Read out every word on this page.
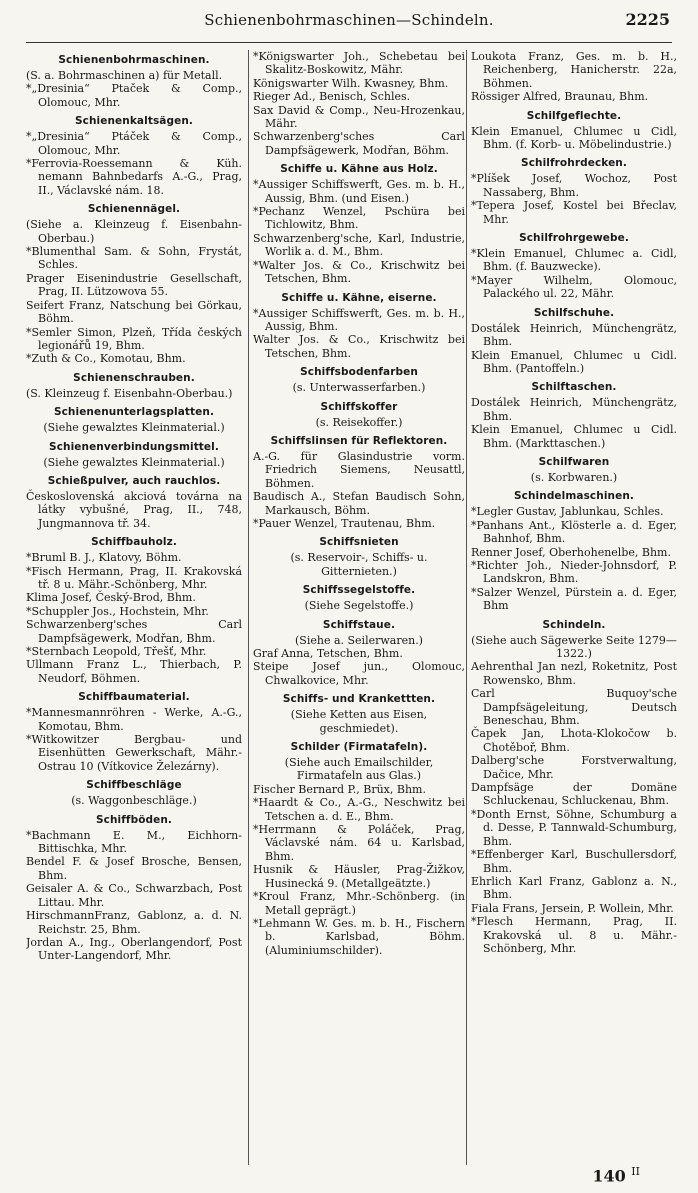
Schienenbohrmaschinen—Schindeln.	2225
Schienenbohrmaschinen.
(S. a. Bohrmaschinen a) für Metall.
*„Dresinia“ Ptaček & Comp., Olomouc, Mhr.
Schienenkaltsägen.
*„Dresinia“ Ptáček & Comp., Olomouc, Mhr.
*Ferrovia-Roessemann & Küh. nemann Bahnbedarfs A.-G., Prag, II., Václavské nám. 18.
Schienennägel.
(Siehe a. Kleinzeug f. Eisenbahn-Oberbau.)
*Blumenthal Sam. & Sohn, Frystát, Schles.
Prager Eisenindustrie Gesellschaft, Prag, II. Lützowova 55.
Seifert Franz, Natschung bei Görkau, Böhm.
*Semler Simon, Plzeň, Třída českých legionářů 19, Bhm.
*Zuth & Co., Komotau, Bhm.
Schienenschrauben.
(S. Kleinzeug f. Eisenbahn-Oberbau.)
Schienenunterlagsplatten.
(Siehe gewalztes Kleinmaterial.)
Schienenverbindungsmittel.
(Siehe gewalztes Kleinmaterial.)
Schießpulver, auch rauchlos.
Československá akciová továrna na látky vybušné, Prag, II., 748, Jungmannova tř. 34.
Schiffbauholz.
*Bruml B. J., Klatovy, Böhm.
*Fisch Hermann, Prag, II. Krakovská tř. 8 u. Mähr.-Schönberg, Mhr.
Klima Josef, Český-Brod, Bhm.
*Schuppler Jos., Hochstein, Mhr.
Schwarzenberg'sches Carl Dampfsägewerk, Modřan, Bhm.
*Sternbach Leopold, Třešť, Mhr.
Ullmann Franz L., Thierbach, P. Neudorf, Böhmen.
Schiffbaumaterial.
*Mannesmannröhren - Werke, A.-G., Komotau, Bhm.
*Witkowitzer Bergbau- und Eisenhütten Gewerkschaft, Mähr.-Ostrau 10 (Vítkovice Železárny).
Schiffbeschläge
(s. Waggonbeschläge.)
Schiffböden.
*Bachmann E. M., Eichhorn-Bittischka, Mhr.
Bendel F. & Josef Brosche, Bensen, Bhm.
Geisaler A. & Co., Schwarzbach, Post Littau. Mhr.
HirschmannFranz, Gablonz, a. d. N. Reichstr. 25, Bhm.
Jordan A., Ing., Oberlangendorf, Post Unter-Langendorf, Mhr.
*Königswarter Joh., Schebetau bei Skalitz-Boskowitz, Mähr.
Königswarter Wilh. Kwasney, Bhm.
Rieger Ad., Benisch, Schles.
Sax David & Comp., Neu-Hrozenkau, Mähr.
Schwarzenberg'sches Carl Dampfsägewerk, Modřan, Böhm.
Schiffe u. Kähne aus Holz.
*Aussiger Schiffswerft, Ges. m. b. H., Aussig, Bhm. (und Eisen.)
*Pechanz Wenzel, Pschüra bei Tichlowitz, Bhm.
Schwarzenberg'sche, Karl, Industrie, Worlik a. d. M., Bhm.
*Walter Jos. & Co., Krischwitz bei Tetschen, Bhm.
Schiffe u. Kähne, eiserne.
*Aussiger Schiffswerft, Ges. m. b. H., Aussig, Bhm.
Walter Jos. & Co., Krischwitz bei Tetschen, Bhm.
Schiffsbodenfarben
(s. Unterwasserfarben.)
Schiffskoffer
(s. Reisekoffer.)
Schiffslinsen für Reflektoren.
A.-G. für Glasindustrie vorm. Friedrich Siemens, Neusattl, Böhmen.
Baudisch A., Stefan Baudisch Sohn, Markausch, Böhm.
*Pauer Wenzel, Trautenau, Bhm.
Schiffsnieten
(s. Reservoir-, Schiffs- u. Gitternieten.)
Schiffssegelstoffe.
(Siehe Segelstoffe.)
Schiffstaue.
(Siehe a. Seilerwaren.)
Graf Anna, Tetschen, Bhm.
Steipe Josef jun., Olomouc, Chwalkovice, Mhr.
Schiffs- und Krankettten.
(Siehe Ketten aus Eisen, geschmiedet).
Schilder (Firmatafeln).
(Siehe auch Emailschilder, Firmatafeln aus Glas.)
Fischer Bernard P., Brüx, Bhm.
*Haardt & Co., A.-G., Neschwitz bei Tetschen a. d. E., Bhm.
*Herrmann & Poláček, Prag, Václavské nám. 64 u. Karlsbad, Bhm.
Husnik & Häusler, Prag-Žižkov, Husinecká 9. (Metallgeätzte.)
*Kroul Franz, Mhr.-Schönberg. (in Metall geprägt.)
*Lehmann W. Ges. m. b. H., Fischern b. Karlsbad, Böhm. (Aluminiumschilder).
Loukota Franz, Ges. m. b. H., Reichenberg, Hanicherstr. 22a, Böhmen.
Rössiger Alfred, Braunau, Bhm.
Schilfgeflechte.
Klein Emanuel, Chlumec u Cidl, Bhm. (f. Korb- u. Möbelindustrie.)
Schilfrohrdecken.
*Plíšek Josef, Wochoz, Post Nassaberg, Bhm.
*Tepera Josef, Kostel bei Břeclav, Mhr.
Schilfrohrgewebe.
*Klein Emanuel, Chlumec a. Cidl, Bhm. (f. Bauzwecke).
*Mayer Wilhelm, Olomouc, Palackého ul. 22, Mähr.
Schilfschuhe.
Dostálek Heinrich, Münchengrätz, Bhm.
Klein Emanuel, Chlumec u Cidl. Bhm. (Pantoffeln.)
Schilftaschen.
Dostálek Heinrich, Münchengrätz, Bhm.
Klein Emanuel, Chlumec u Cidl. Bhm. (Markttaschen.)
Schilfwaren
(s. Korbwaren.)
Schindelmaschinen.
*Legler Gustav, Jablunkau, Schles.
*Panhans Ant., Klösterle a. d. Eger, Bahnhof, Bhm.
Renner Josef, Oberhohenelbe, Bhm.
*Richter Joh., Nieder-Johnsdorf, P. Landskron, Bhm.
*Salzer Wenzel, Pürstein a. d. Eger, Bhm
Schindeln.
(Siehe auch Sägewerke Seite 1279—1322.)
Aehrenthal Jan nezl, Roketnitz, Post Rowensko, Bhm.
Carl Buquoy'sche Dampfsägeleitung, Deutsch Beneschau, Bhm.
Čapek Jan, Lhota-Klokočow b. Chotěboř, Bhm.
Dalberg'sche Forstverwaltung, Dačice, Mhr.
Dampfsäge der Domäne Schluckenau, Schluckenau, Bhm.
*Donth Ernst, Söhne, Schumburg a d. Desse, P. Tannwald-Schumburg, Bhm.
*Effenberger Karl, Buschullersdorf, Bhm.
Ehrlich Karl Franz, Gablonz a. N., Bhm.
Fiala Frans, Jersein, P. Wollein, Mhr.
*Flesch Hermann, Prag, II. Krakovská ul. 8 u. Mähr.-Schönberg, Mhr.
140 $^{II}$
